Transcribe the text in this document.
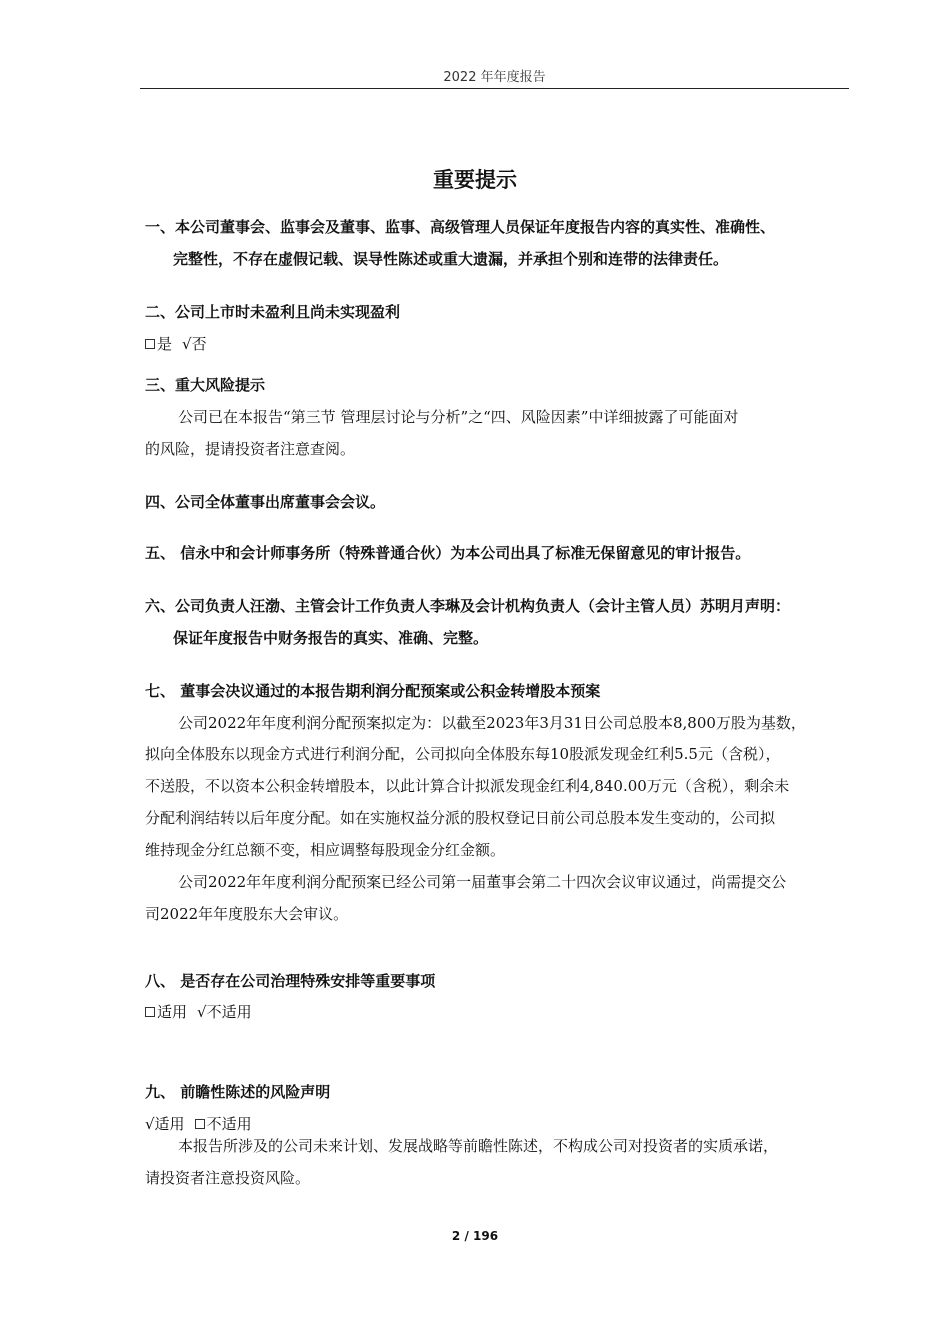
2022 年年度报告
重要提示
一、本公司董事会、监事会及董事、监事、高级管理人员保证年度报告内容的真实性、准确性、
完整性，不存在虚假记载、误导性陈述或重大遗漏，并承担个别和连带的法律责任。
二、公司上市时未盈利且尚未实现盈利
是 √否
三、重大风险提示
公司已在本报告“第三节 管理层讨论与分析”之“四、风险因素”中详细披露了可能面对
的风险，提请投资者注意查阅。
四、公司全体董事出席董事会会议。
五、 信永中和会计师事务所（特殊普通合伙）为本公司出具了标准无保留意见的审计报告。
六、公司负责人汪渤、主管会计工作负责人李琳及会计机构负责人（会计主管人员）苏明月声明：
保证年度报告中财务报告的真实、准确、完整。
七、 董事会决议通过的本报告期利润分配预案或公积金转增股本预案
公司2022年年度利润分配预案拟定为：以截至2023年3月31日公司总股本8,800万股为基数，
拟向全体股东以现金方式进行利润分配，公司拟向全体股东每10股派发现金红利5.5元（含税），
不送股，不以资本公积金转增股本，以此计算合计拟派发现金红利4,840.00万元（含税），剩余未
分配利润结转以后年度分配。如在实施权益分派的股权登记日前公司总股本发生变动的，公司拟
维持现金分红总额不变，相应调整每股现金分红金额。
公司2022年年度利润分配预案已经公司第一届董事会第二十四次会议审议通过，尚需提交公
司2022年年度股东大会审议。
八、 是否存在公司治理特殊安排等重要事项
适用 √不适用
九、 前瞻性陈述的风险声明
√适用 不适用
本报告所涉及的公司未来计划、发展战略等前瞻性陈述，不构成公司对投资者的实质承诺，
请投资者注意投资风险。
2 / 196
